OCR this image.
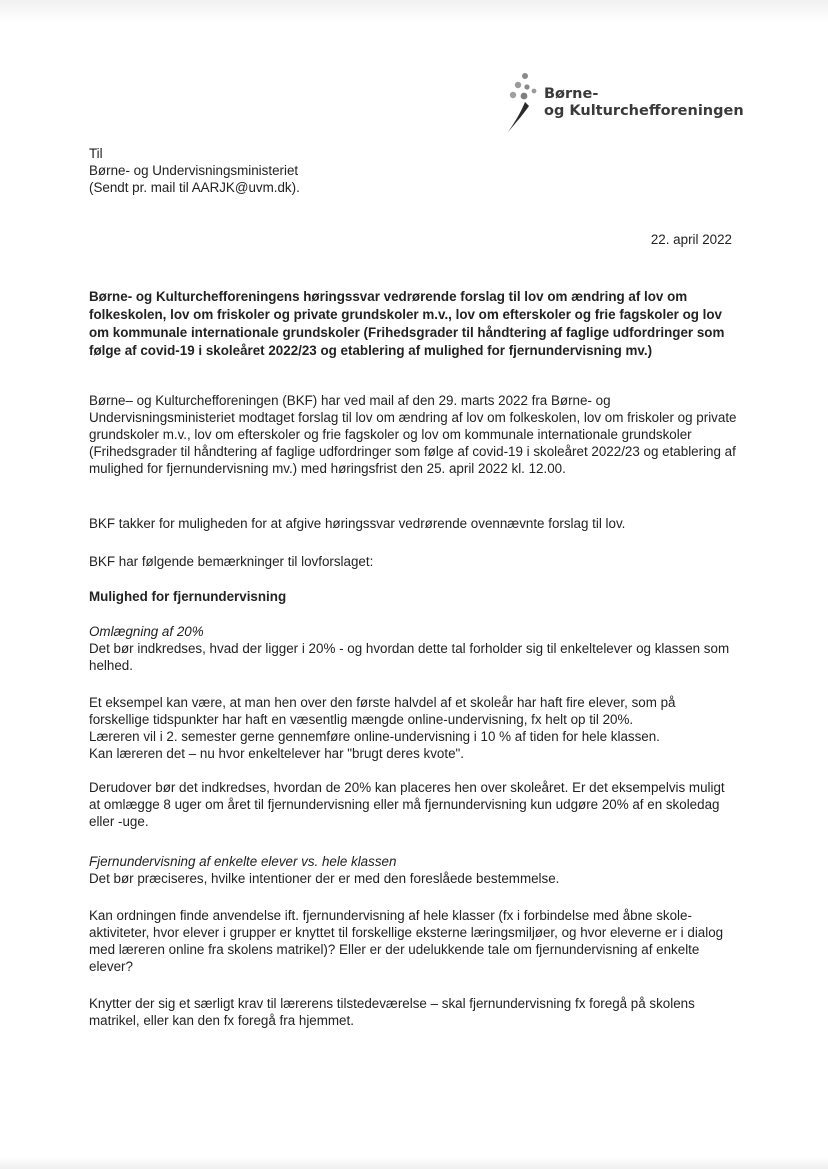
Børne-
og Kulturchefforeningen
Til
Børne- og Undervisningsministeriet
(Sendt pr. mail til AARJK@uvm.dk).
22. april 2022
Børne- og Kulturchefforeningens høringssvar vedrørende forslag til lov om ændring af lov om folkeskolen, lov om friskoler og private grundskoler m.v., lov om efterskoler og frie fagskoler og lov om kommunale internationale grundskoler (Frihedsgrader til håndtering af faglige udfordringer som følge af covid-19 i skoleåret 2022/23 og etablering af mulighed for fjernundervisning mv.)

Børne– og Kulturchefforeningen (BKF) har ved mail af den 29. marts 2022 fra Børne- og Undervisningsministeriet modtaget forslag til lov om ændring af lov om folkeskolen, lov om friskoler og private grundskoler m.v., lov om efterskoler og frie fagskoler og lov om kommunale internationale grundskoler (Frihedsgrader til håndtering af faglige udfordringer som følge af covid-19 i skoleåret 2022/23 og etablering af mulighed for fjernundervisning mv.) med høringsfrist den 25. april 2022 kl. 12.00.

BKF takker for muligheden for at afgive høringssvar vedrørende ovennævnte forslag til lov.

BKF har følgende bemærkninger til lovforslaget:

Mulighed for fjernundervisning

Omlægning af 20%

Det bør indkredses, hvad der ligger i 20% - og hvordan dette tal forholder sig til enkeltelever og klassen som helhed.

Et eksempel kan være, at man hen over den første halvdel af et skoleår har haft fire elever, som på forskellige tidspunkter har haft en væsentlig mængde online-undervisning, fx helt op til 20%.
Læreren vil i 2. semester gerne gennemføre online-undervisning i 10 % af tiden for hele klassen.
Kan læreren det – nu hvor enkeltelever har "brugt deres kvote".

Derudover bør det indkredses, hvordan de 20% kan placeres hen over skoleåret. Er det eksempelvis muligt at omlægge 8 uger om året til fjernundervisning eller må fjernundervisning kun udgøre 20% af en skoledag eller -uge.

Fjernundervisning af enkelte elever vs. hele klassen

Det bør præciseres, hvilke intentioner der er med den foreslåede bestemmelse.

Kan ordningen finde anvendelse ift. fjernundervisning af hele klasser (fx i forbindelse med åbne skole-aktiviteter, hvor elever i grupper er knyttet til forskellige eksterne læringsmiljøer, og hvor eleverne er i dialog med læreren online fra skolens matrikel)? Eller er der udelukkende tale om fjernundervisning af enkelte elever?

Knytter der sig et særligt krav til lærerens tilstedeværelse – skal fjernundervisning fx foregå på skolens matrikel, eller kan den fx foregå fra hjemmet.
